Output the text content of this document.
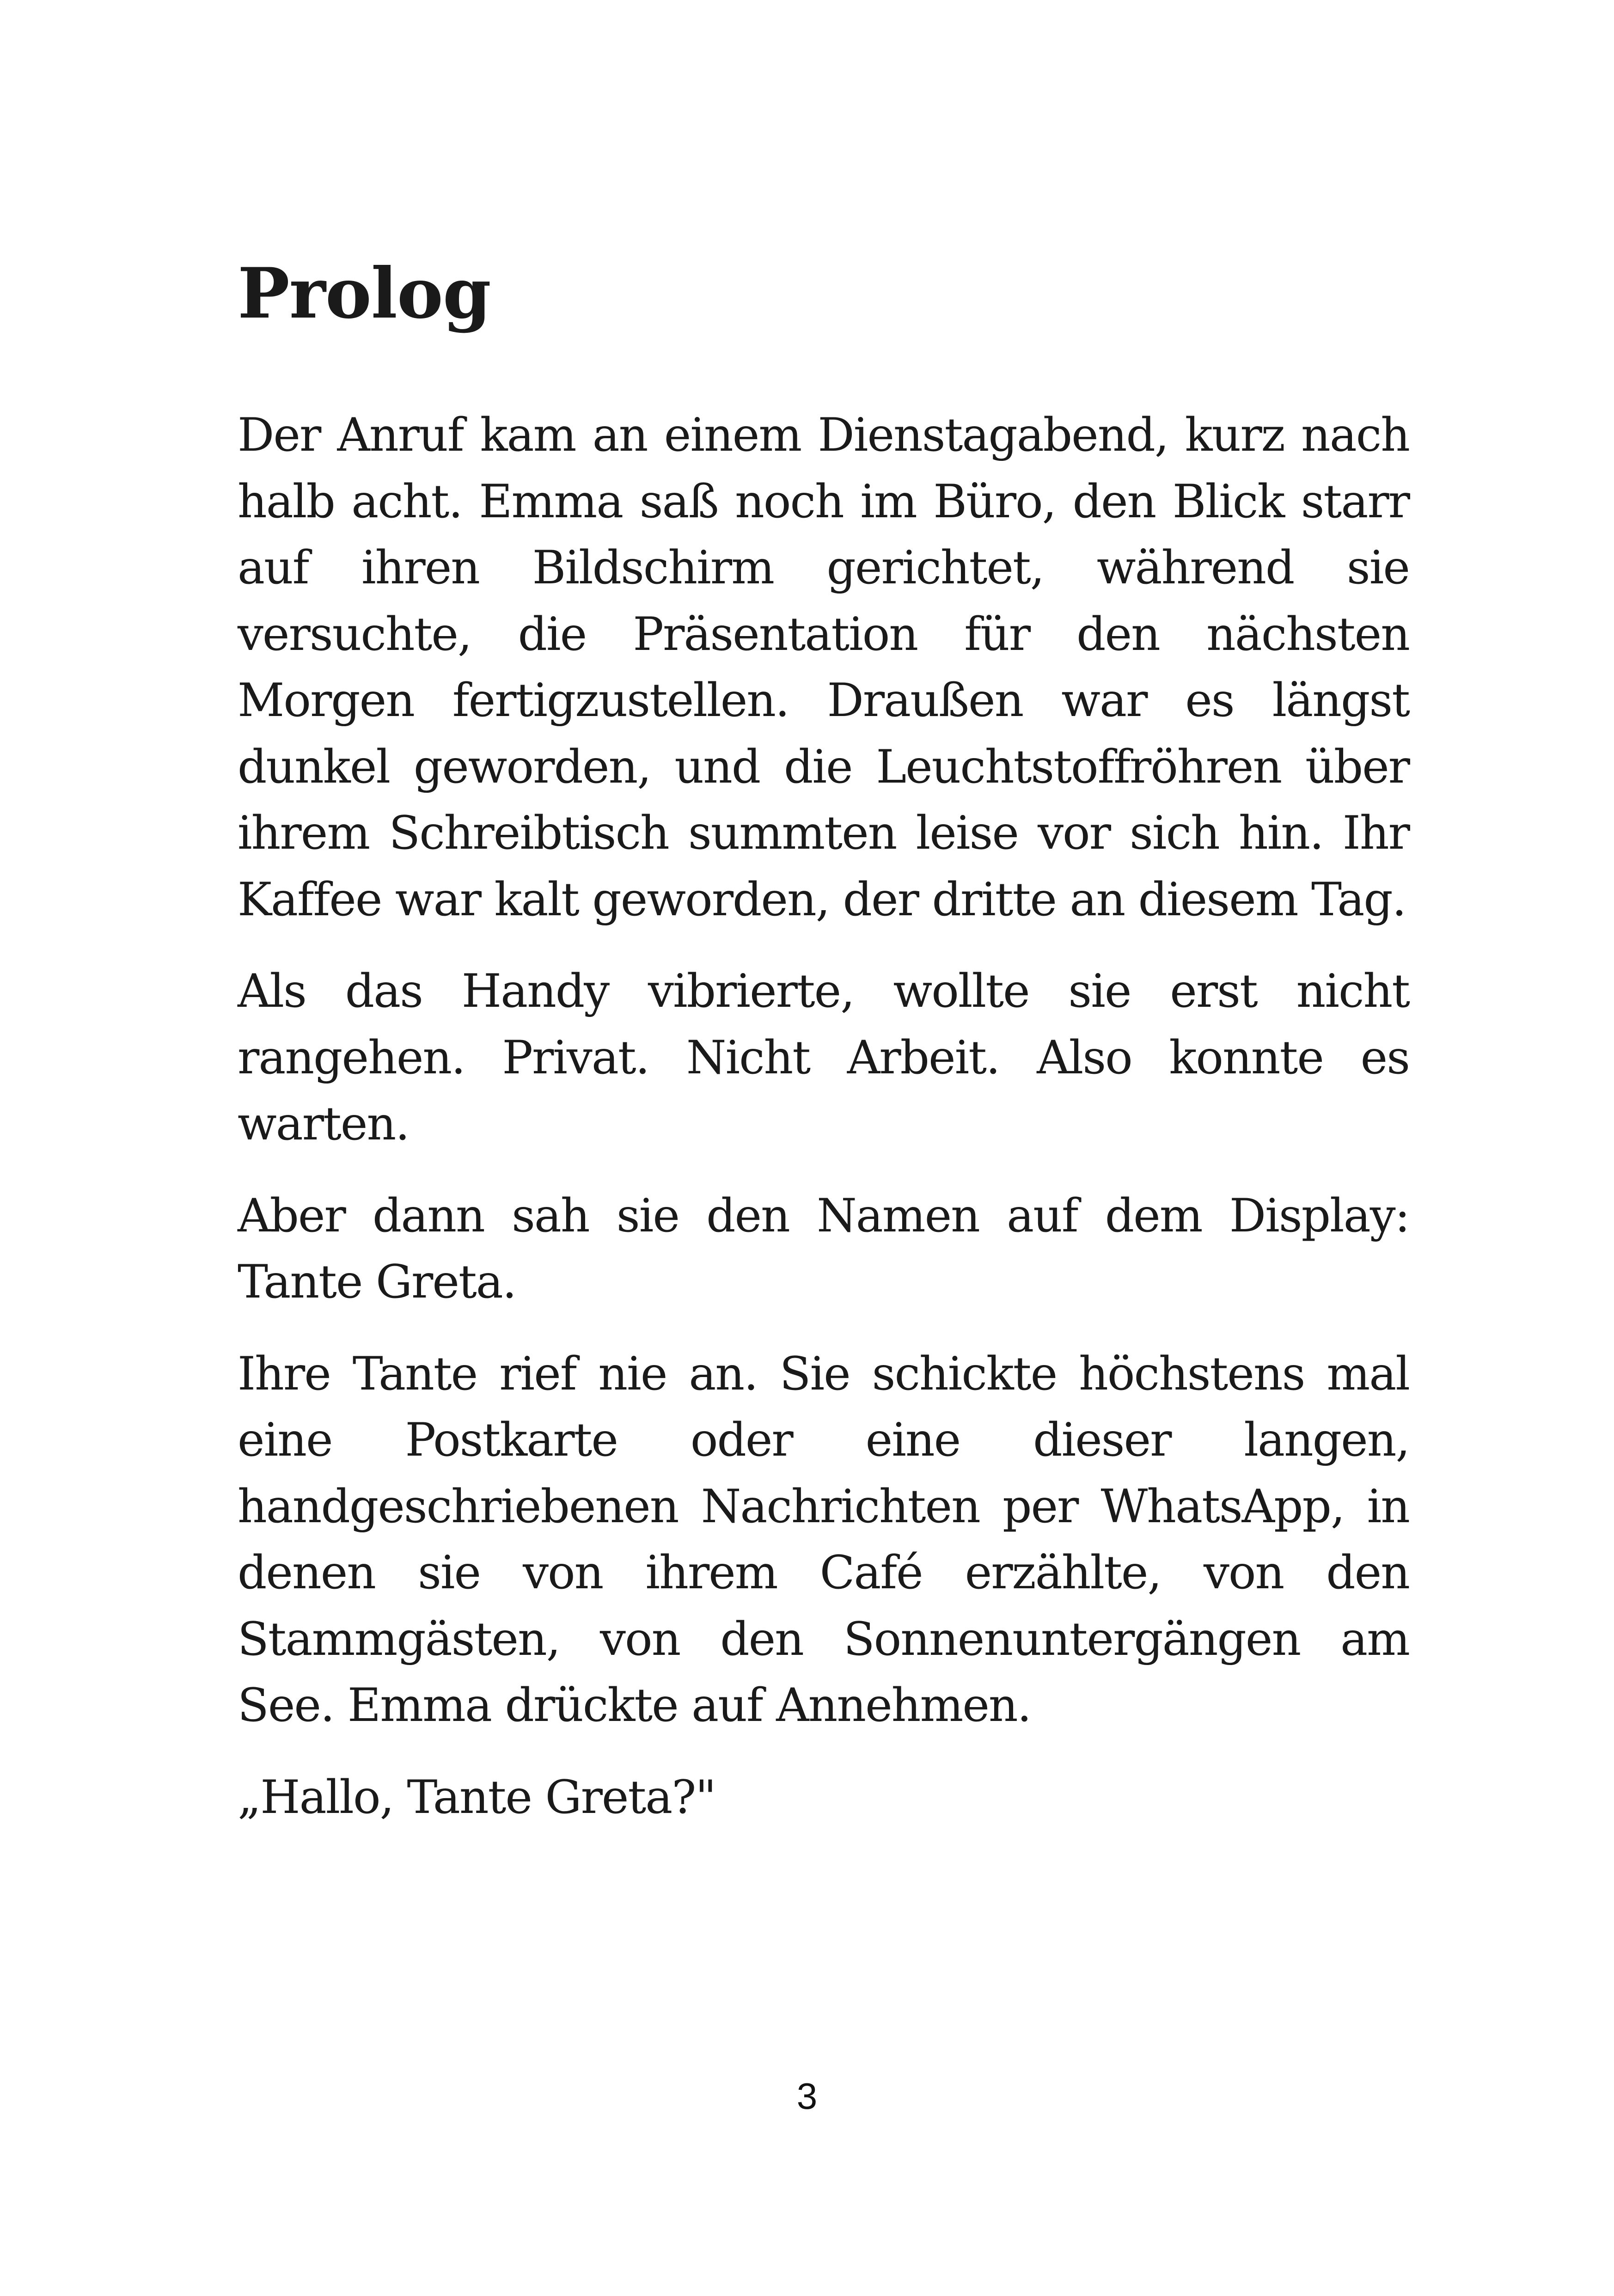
Prolog

Der Anruf kam an einem Dienstagabend, kurz nach halb acht. Emma saß noch im Büro, den Blick starr auf ihren Bildschirm gerichtet, während sie versuchte, die Präsentation für den nächsten Morgen fertigzustellen. Draußen war es längst dunkel geworden, und die Leuchtstoffröhren über ihrem Schreibtisch summten leise vor sich hin. Ihr Kaffee war kalt geworden, der dritte an diesem Tag.

Als das Handy vibrierte, wollte sie erst nicht rangehen. Privat. Nicht Arbeit. Also konnte es warten.

Aber dann sah sie den Namen auf dem Display: Tante Greta.

Ihre Tante rief nie an. Sie schickte höchstens mal eine Postkarte oder eine dieser langen, handgeschriebenen Nachrichten per WhatsApp, in denen sie von ihrem Café erzählte, von den Stammgästen, von den Sonnenuntergängen am See. Emma drückte auf Annehmen.

„Hallo, Tante Greta?"

3
